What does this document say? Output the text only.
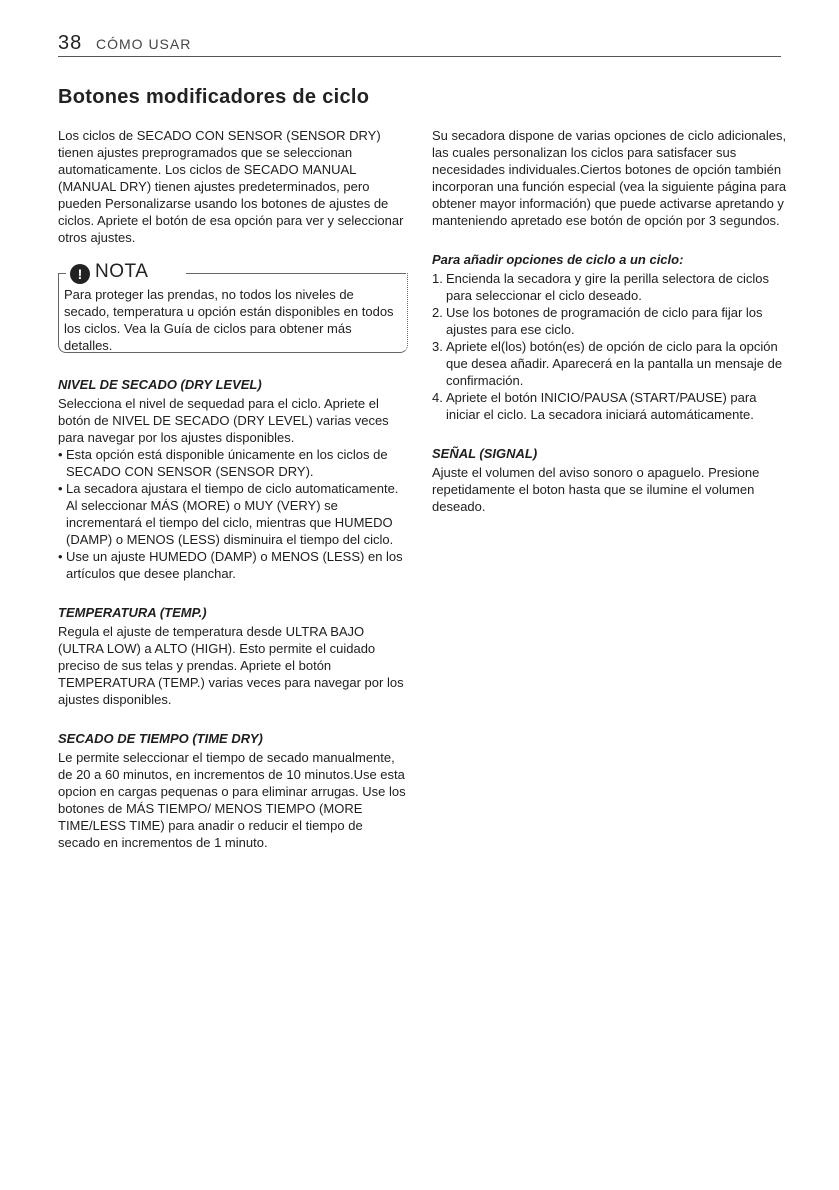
38 CÓMO USAR
Botones modificadores de ciclo

Los ciclos de SECADO CON SENSOR (SENSOR DRY) tienen ajustes preprogramados que se seleccionan automaticamente. Los ciclos de SECADO MANUAL (MANUAL DRY) tienen ajustes predeterminados, pero pueden Personalizarse usando los botones de ajustes de ciclos. Apriete el botón de esa opción para ver y seleccionar otros ajustes.

! NOTA

Para proteger las prendas, no todos los niveles de secado, temperatura u opción están disponibles en todos los ciclos. Vea la Guía de ciclos para obtener más detalles.

NIVEL DE SECADO (DRY LEVEL)

Selecciona el nivel de sequedad para el ciclo. Apriete el botón de NIVEL DE SECADO (DRY LEVEL) varias veces para navegar por los ajustes disponibles.

• Esta opción está disponible únicamente en los ciclos de SECADO CON SENSOR (SENSOR DRY).
• La secadora ajustara el tiempo de ciclo automaticamente. Al seleccionar MÁS (MORE) o MUY (VERY) se incrementará el tiempo del ciclo, mientras que HUMEDO (DAMP) o MENOS (LESS) disminuira el tiempo del ciclo.
• Use un ajuste HUMEDO (DAMP) o MENOS (LESS) en los artículos que desee planchar.
TEMPERATURA (TEMP.)

Regula el ajuste de temperatura desde ULTRA BAJO (ULTRA LOW) a ALTO (HIGH). Esto permite el cuidado preciso de sus telas y prendas. Apriete el botón TEMPERATURA (TEMP.) varias veces para navegar por los ajustes disponibles.

SECADO DE TIEMPO (TIME DRY)

Le permite seleccionar el tiempo de secado manualmente, de 20 a 60 minutos, en incrementos de 10 minutos.Use esta opcion en cargas pequenas o para eliminar arrugas. Use los botones de MÁS TIEMPO/ MENOS TIEMPO (MORE TIME/LESS TIME) para anadir o reducir el tiempo de secado en incrementos de 1 minuto.

Su secadora dispone de varias opciones de ciclo adicionales, las cuales personalizan los ciclos para satisfacer sus necesidades individuales.Ciertos botones de opción también incorporan una función especial (vea la siguiente página para obtener mayor información) que puede activarse apretando y manteniendo apretado ese botón de opción por 3 segundos.

Para añadir opciones de ciclo a un ciclo:
1. Encienda la secadora y gire la perilla selectora de ciclos para seleccionar el ciclo deseado.
2. Use los botones de programación de ciclo para fijar los ajustes para ese ciclo.
3. Apriete el(los) botón(es) de opción de ciclo para la opción que desea añadir. Aparecerá en la pantalla un mensaje de confirmación.
4. Apriete el botón INICIO/PAUSA (START/PAUSE) para iniciar el ciclo. La secadora iniciará automáticamente.
SEÑAL (SIGNAL)

Ajuste el volumen del aviso sonoro o apaguelo. Presione repetidamente el boton hasta que se ilumine el volumen deseado.
